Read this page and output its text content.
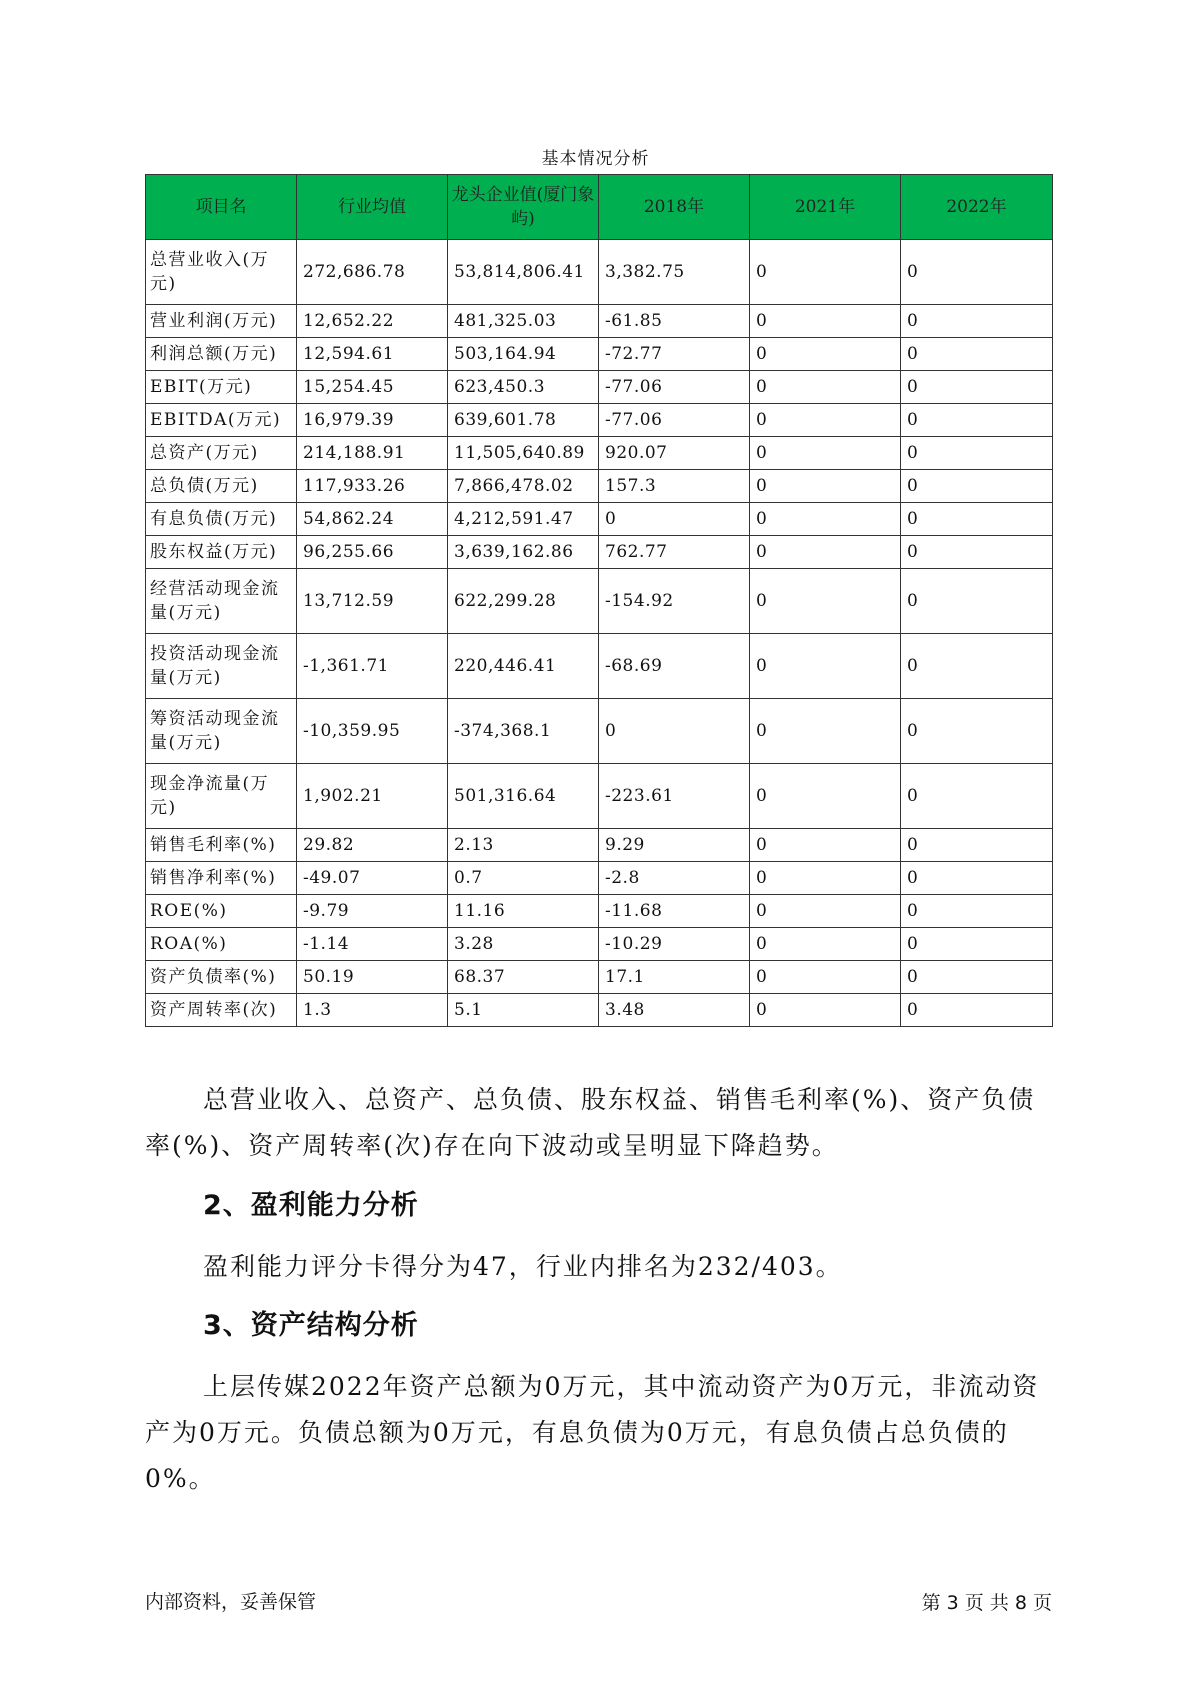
基本情况分析
项目名	行业均值	龙头企业值(厦门象屿)	2018年	2021年	2022年
总营业收入(万元)	272,686.78	53,814,806.41	3,382.75	0	0
营业利润(万元)	12,652.22	481,325.03	-61.85	0	0
利润总额(万元)	12,594.61	503,164.94	-72.77	0	0
EBIT(万元)	15,254.45	623,450.3	-77.06	0	0
EBITDA(万元)	16,979.39	639,601.78	-77.06	0	0
总资产(万元)	214,188.91	11,505,640.89	920.07	0	0
总负债(万元)	117,933.26	7,866,478.02	157.3	0	0
有息负债(万元)	54,862.24	4,212,591.47	0	0	0
股东权益(万元)	96,255.66	3,639,162.86	762.77	0	0
经营活动现金流量(万元)	13,712.59	622,299.28	-154.92	0	0
投资活动现金流量(万元)	-1,361.71	220,446.41	-68.69	0	0
筹资活动现金流量(万元)	-10,359.95	-374,368.1	0	0	0
现金净流量(万元)	1,902.21	501,316.64	-223.61	0	0
销售毛利率(%)	29.82	2.13	9.29	0	0
销售净利率(%)	-49.07	0.7	-2.8	0	0
ROE(%)	-9.79	11.16	-11.68	0	0
ROA(%)	-1.14	3.28	-10.29	0	0
资产负债率(%)	50.19	68.37	17.1	0	0
资产周转率(次)	1.3	5.1	3.48	0	0

总营业收入、总资产、总负债、股东权益、销售毛利率(%)、资产负债率(%)、资产周转率(次)存在向下波动或呈明显下降趋势。

2、盈利能力分析

盈利能力评分卡得分为47，行业内排名为232/403。

3、资产结构分析

上层传媒2022年资产总额为0万元，其中流动资产为0万元，非流动资产为0万元。负债总额为0万元，有息负债为0万元，有息负债占总负债的0%。

内部资料，妥善保管	第 3 页 共 8 页
